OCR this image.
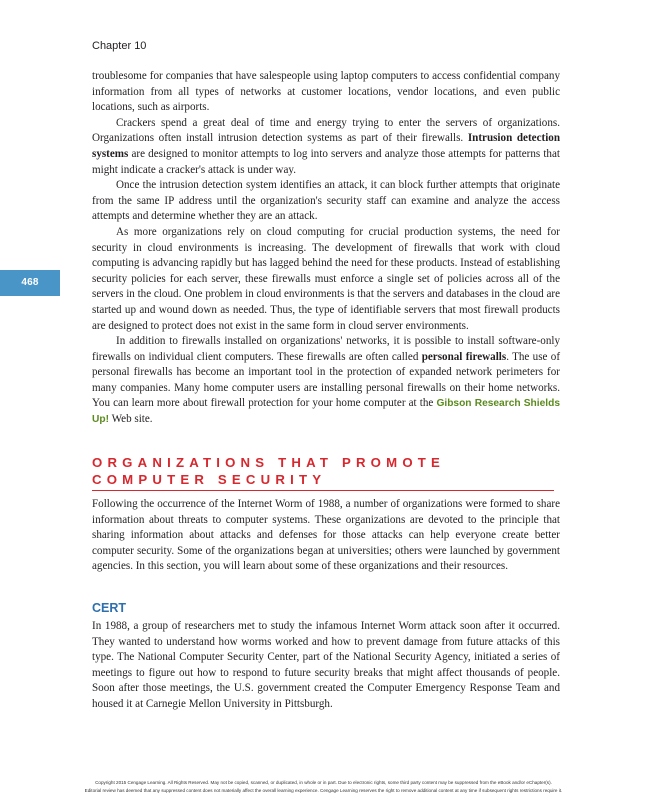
Chapter 10
468

troublesome for companies that have salespeople using laptop computers to access confidential company information from all types of networks at customer locations, vendor locations, and even public locations, such as airports.

Crackers spend a great deal of time and energy trying to enter the servers of organizations. Organizations often install intrusion detection systems as part of their firewalls. Intrusion detection systems are designed to monitor attempts to log into servers and analyze those attempts for patterns that might indicate a cracker's attack is under way.

Once the intrusion detection system identifies an attack, it can block further attempts that originate from the same IP address until the organization's security staff can examine and analyze the access attempts and determine whether they are an attack.

As more organizations rely on cloud computing for crucial production systems, the need for security in cloud environments is increasing. The development of firewalls that work with cloud computing is advancing rapidly but has lagged behind the need for these products. Instead of establishing security policies for each server, these firewalls must enforce a single set of policies across all of the servers in the cloud. One problem in cloud environments is that the servers and databases in the cloud are started up and wound down as needed. Thus, the type of identifiable servers that most firewall products are designed to protect does not exist in the same form in cloud server environments.

In addition to firewalls installed on organizations' networks, it is possible to install software-only firewalls on individual client computers. These firewalls are often called personal firewalls. The use of personal firewalls has become an important tool in the protection of expanded network perimeters for many companies. Many home computer users are installing personal firewalls on their home networks. You can learn more about firewall protection for your home computer at the Gibson Research Shields Up! Web site.

ORGANIZATIONS THAT PROMOTE COMPUTER SECURITY

Following the occurrence of the Internet Worm of 1988, a number of organizations were formed to share information about threats to computer systems. These organizations are devoted to the principle that sharing information about attacks and defenses for those attacks can help everyone create better computer security. Some of the organizations began at universities; others were launched by government agencies. In this section, you will learn about some of these organizations and their resources.

CERT

In 1988, a group of researchers met to study the infamous Internet Worm attack soon after it occurred. They wanted to understand how worms worked and how to prevent damage from future attacks of this type. The National Computer Security Center, part of the National Security Agency, initiated a series of meetings to figure out how to respond to future security breaks that might affect thousands of people. Soon after those meetings, the U.S. government created the Computer Emergency Response Team and housed it at Carnegie Mellon University in Pittsburgh.

Copyright 2015 Cengage Learning. All Rights Reserved. May not be copied, scanned, or duplicated, in whole or in part. Due to electronic rights, some third party content may be suppressed from the eBook and/or eChapter(s).
Editorial review has deemed that any suppressed content does not materially affect the overall learning experience. Cengage Learning reserves the right to remove additional content at any time if subsequent rights restrictions require it.
